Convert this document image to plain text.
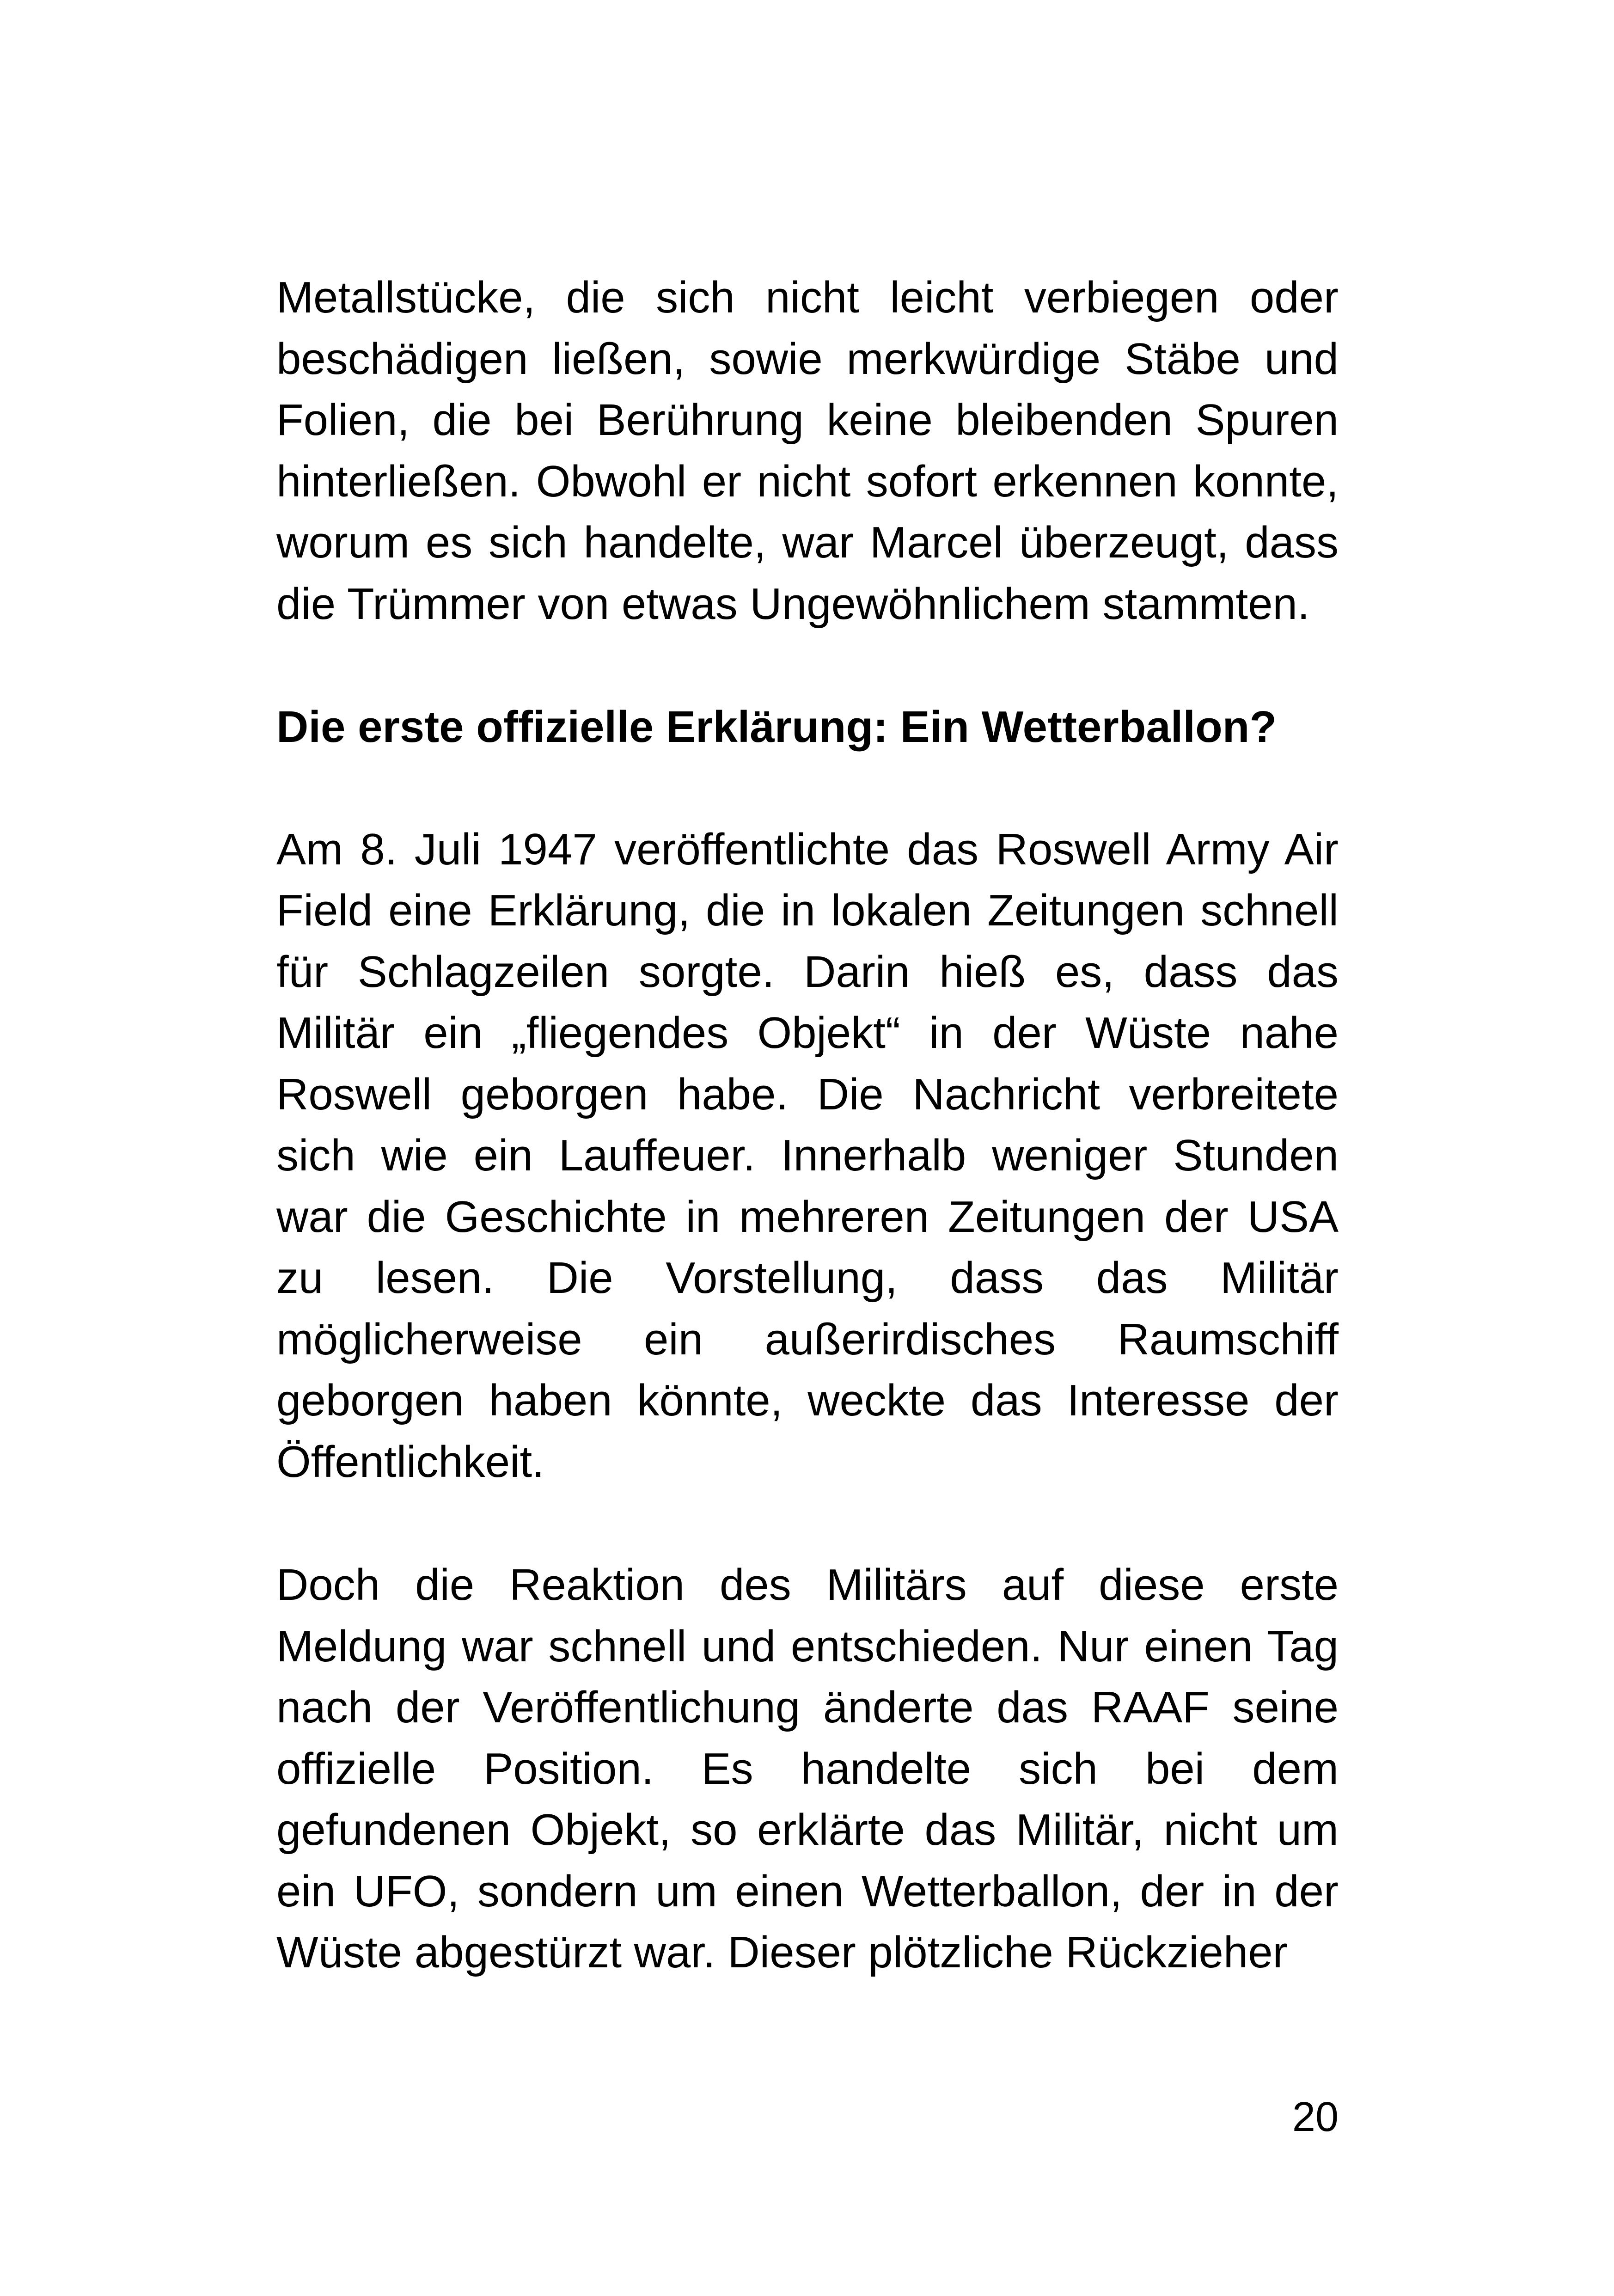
Metallstücke, die sich nicht leicht verbiegen oder beschädigen ließen, sowie merkwürdige Stäbe und Folien, die bei Berührung keine bleibenden Spuren hinterließen. Obwohl er nicht sofort erkennen konnte, worum es sich handelte, war Marcel überzeugt, dass die Trümmer von etwas Ungewöhnlichem stammten.

Die erste offizielle Erklärung: Ein Wetterballon?

Am 8. Juli 1947 veröffentlichte das Roswell Army Air Field eine Erklärung, die in lokalen Zeitungen schnell für Schlagzeilen sorgte. Darin hieß es, dass das Militär ein „fliegendes Objekt“ in der Wüste nahe Roswell geborgen habe. Die Nachricht verbreitete sich wie ein Lauffeuer. Innerhalb weniger Stunden war die Geschichte in mehreren Zeitungen der USA zu lesen. Die Vorstellung, dass das Militär möglicherweise ein außerirdisches Raumschiff geborgen haben könnte, weckte das Interesse der Öffentlichkeit.

Doch die Reaktion des Militärs auf diese erste Meldung war schnell und entschieden. Nur einen Tag nach der Veröffentlichung änderte das RAAF seine offizielle Position. Es handelte sich bei dem gefundenen Objekt, so erklärte das Militär, nicht um ein UFO, sondern um einen Wetterballon, der in der Wüste abgestürzt war. Dieser plötzliche Rückzieher

20
